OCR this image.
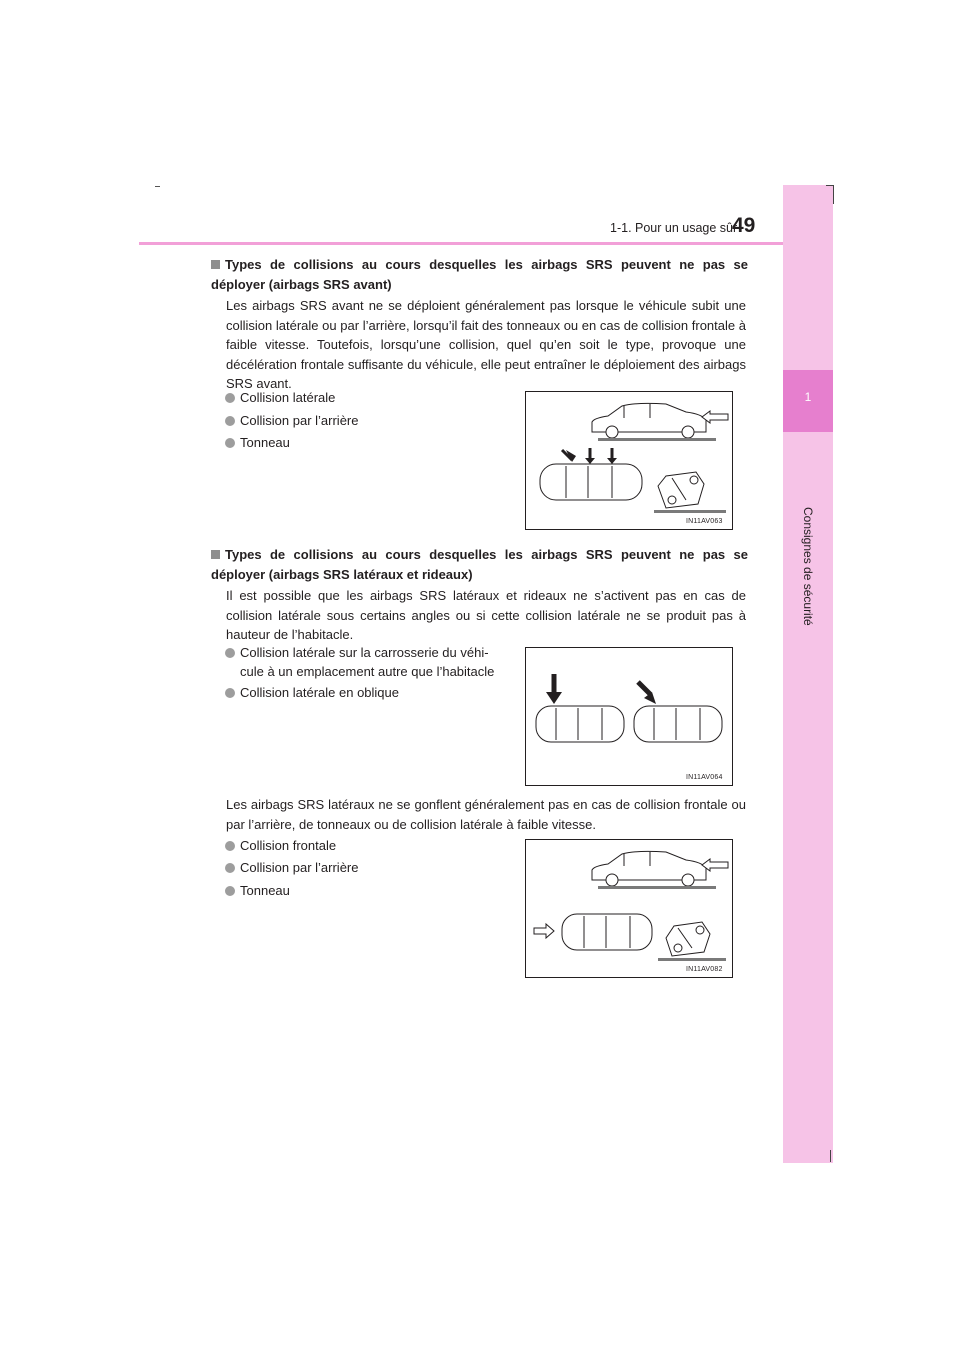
1-1. Pour un usage sûr
49
1
Consignes de sécurité
Types de collisions au cours desquelles les airbags SRS peuvent ne pas se déployer (airbags SRS avant)
Les airbags SRS avant ne se déploient généralement pas lorsque le véhicule subit une collision latérale ou par l’arrière, lorsqu’il fait des tonneaux ou en cas de collision frontale à faible vitesse. Toutefois, lorsqu’une collision, quel qu’en soit le type, provoque une décélération frontale suffisante du véhicule, elle peut entraîner le déploiement des airbags SRS avant.
Collision latérale
Collision par l’arrière
Tonneau
IN11AV063
Types de collisions au cours desquelles les airbags SRS peuvent ne pas se déployer (airbags SRS latéraux et rideaux)
Il est possible que les airbags SRS latéraux et rideaux ne s’activent pas en cas de collision latérale sous certains angles ou si cette collision latérale ne se produit pas à hauteur de l’habitacle.
Collision latérale sur la carrosserie du véhi-
cule à un emplacement autre que l’habitacle
Collision latérale en oblique
IN11AV064
Les airbags SRS latéraux ne se gonflent généralement pas en cas de collision frontale ou par l’arrière, de tonneaux ou de collision latérale à faible vitesse.
Collision frontale
Collision par l’arrière
Tonneau
IN11AV082
